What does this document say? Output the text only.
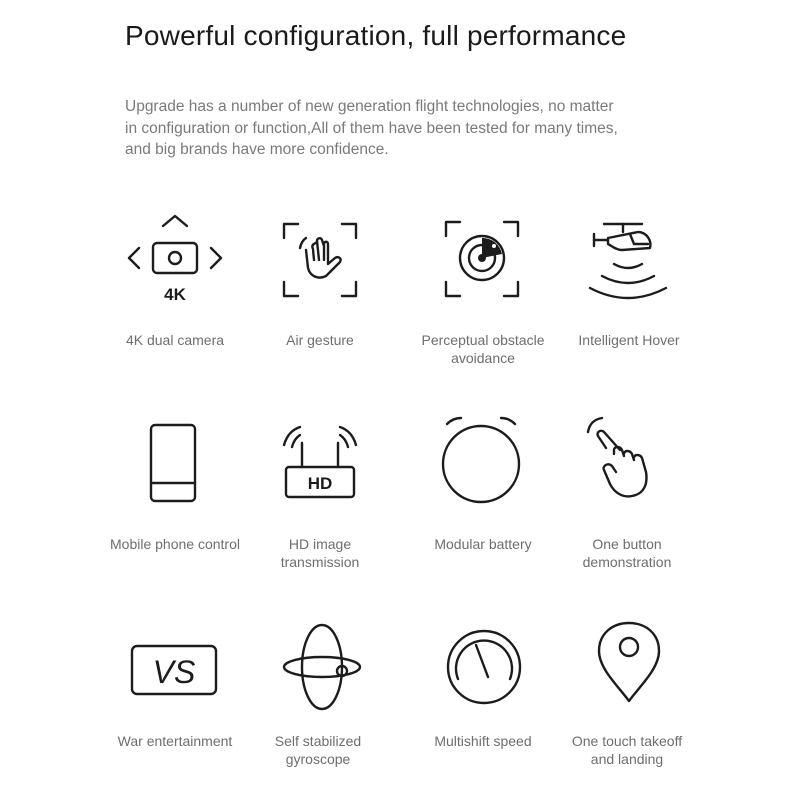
Powerful configuration, full performance

Upgrade has a number of new generation flight technologies, no matter
in configuration or function,All of them have been tested for many times,
and big brands have more confidence.

4K
4K dual camera	Air gesture	Perceptual obstacle
avoidance
Intelligent Hover
HD
Mobile phone control	HD image
transmission
Modular battery	One button
demonstration
VS
War entertainment	Self stabilized
gyroscope
Multishift speed	One touch takeoff
and landing
